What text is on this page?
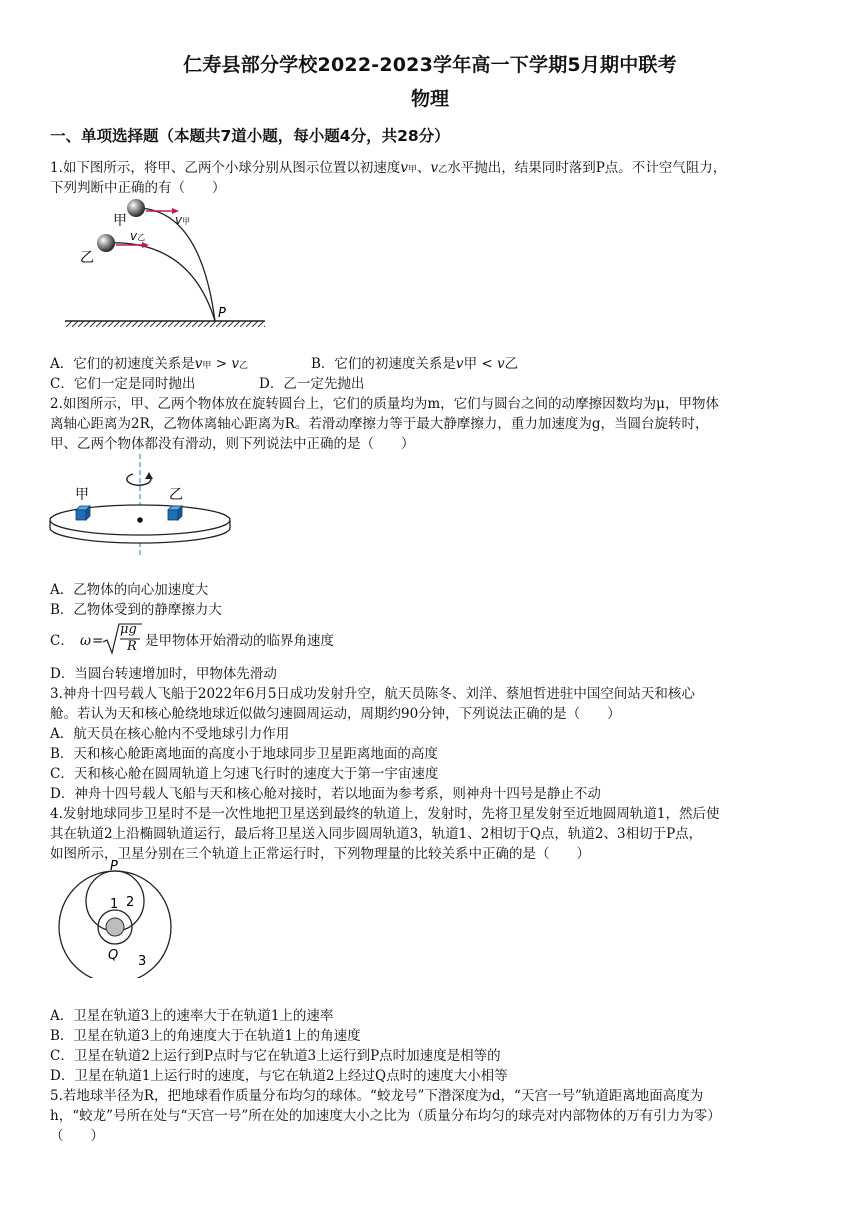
仁寿县部分学校2022-2023学年高一下学期5月期中联考
物理
一、单项选择题（本题共7道小题，每小题4分，共28分）
1.如下图所示，将甲、乙两个小球分别从图示位置以初速度v甲、v乙水平抛出，结果同时落到P点。不计空气阻力，
下列判断中正确的有（　　）
甲
乙
v甲
v乙
P
A．它们的初速度关系是v甲 > v乙	B．它们的初速度关系是v甲 < v乙
C．它们一定是同时抛出	D．乙一定先抛出
2.如图所示，甲、乙两个物体放在旋转圆台上，它们的质量均为m，它们与圆台之间的动摩擦因数均为μ，甲物体
离轴心距离为2R，乙物体离轴心距离为R。若滑动摩擦力等于最大静摩擦力，重力加速度为g，当圆台旋转时，
甲、乙两个物体都没有滑动，则下列说法中正确的是（　　）
甲	乙
A．乙物体的向心加速度大
B．乙物体受到的静摩擦力大
C． ω =
μg
R 是甲物体开始滑动的临界角速度
D．当圆台转速增加时，甲物体先滑动
3.神舟十四号载人飞船于2022年6月5日成功发射升空，航天员陈冬、刘洋、蔡旭哲进驻中国空间站天和核心
舱。若认为天和核心舱绕地球近似做匀速圆周运动，周期约90分钟，下列说法正确的是（　　）
A．航天员在核心舱内不受地球引力作用
B．天和核心舱距离地面的高度小于地球同步卫星距离地面的高度
C．天和核心舱在圆周轨道上匀速飞行时的速度大于第一宇宙速度
D．神舟十四号载人飞船与天和核心舱对接时，若以地面为参考系，则神舟十四号是静止不动
4.发射地球同步卫星时不是一次性地把卫星送到最终的轨道上，发射时，先将卫星发射至近地圆周轨道1，然后使
其在轨道2上沿椭圆轨道运行，最后将卫星送入同步圆周轨道3，轨道1、2相切于Q点，轨道2、3相切于P点，
如图所示，卫星分别在三个轨道上正常运行时，下列物理量的比较关系中正确的是（　　）
P
1 2
Q 3
A．卫星在轨道3上的速率大于在轨道1上的速率
B．卫星在轨道3上的角速度大于在轨道1上的角速度
C．卫星在轨道2上运行到P点时与它在轨道3上运行到P点时加速度是相等的
D．卫星在轨道1上运行时的速度，与它在轨道2上经过Q点时的速度大小相等
5.若地球半径为R，把地球看作质量分布均匀的球体。“蛟龙号”下潜深度为d，“天宫一号”轨道距离地面高度为
h，“蛟龙”号所在处与“天宫一号”所在处的加速度大小之比为（质量分布均匀的球壳对内部物体的万有引力为零）
（　　）
